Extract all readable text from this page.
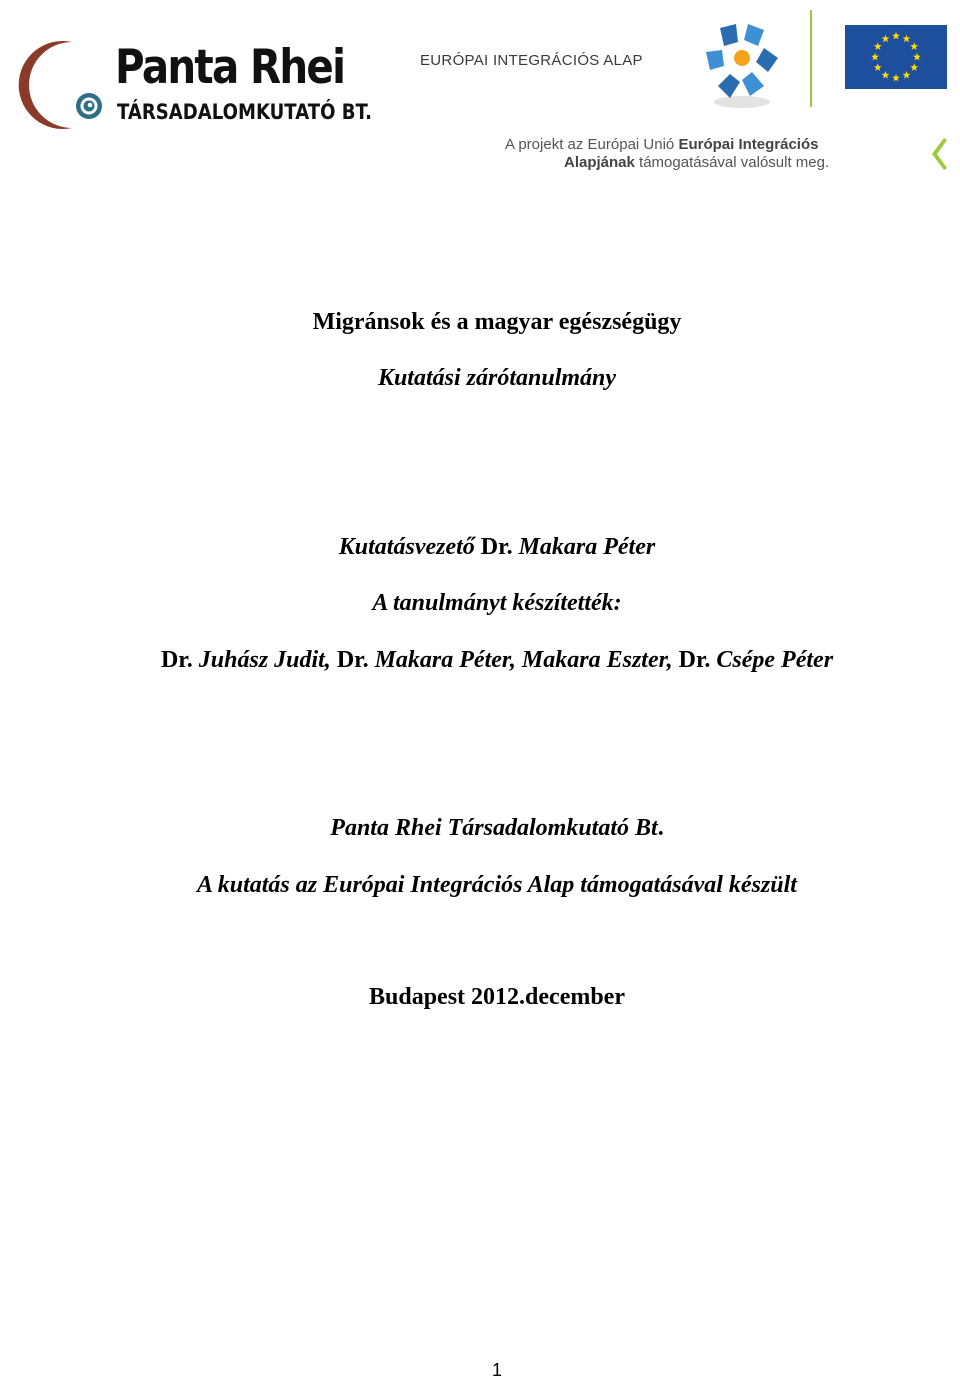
Panta Rhei
TÁRSADALOMKUTATÓ BT.
EURÓPAI INTEGRÁCIÓS ALAP
A projekt az Európai Unió Európai Integrációs
Alapjának támogatásával valósult meg.
Migránsok és a magyar egészségügy
Kutatási zárótanulmány
Kutatásvezető Dr. Makara Péter
A tanulmányt készítették:
Dr. Juhász Judit, Dr. Makara Péter, Makara Eszter, Dr. Csépe Péter
Panta Rhei Társadalomkutató Bt.
A kutatás az Európai Integrációs Alap támogatásával készült
Budapest 2012.december
1
